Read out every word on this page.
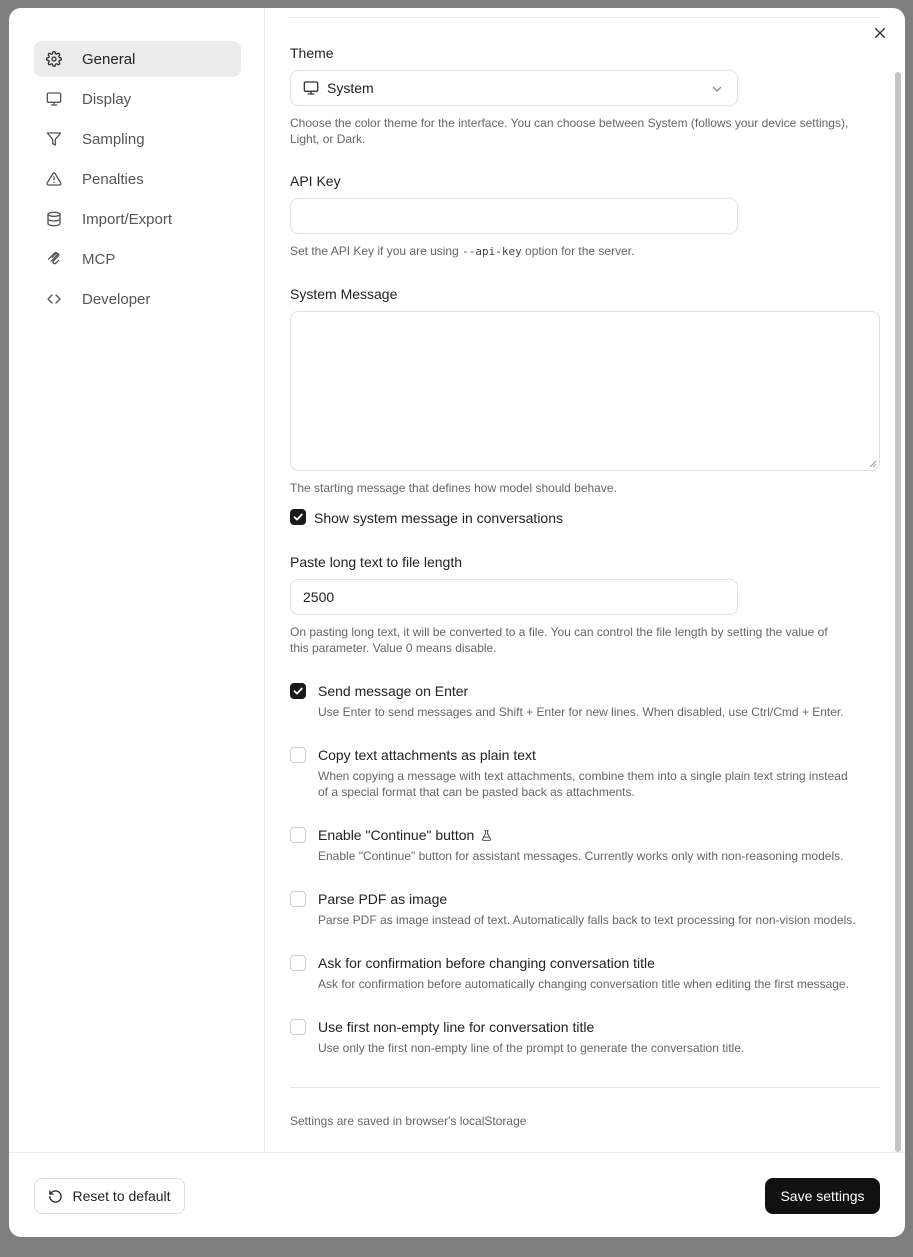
General
Display
Sampling
Penalties
Import/Export
MCP
Developer
Theme
System
Choose the color theme for the interface. You can choose between System (follows your device settings),
Light, or Dark.
API Key
Set the API Key if you are using --api-key option for the server.
System Message
The starting message that defines how model should behave.
Show system message in conversations
Paste long text to file length
2500
On pasting long text, it will be converted to a file. You can control the file length by setting the value of
this parameter. Value 0 means disable.
Send message on Enter
Use Enter to send messages and Shift + Enter for new lines. When disabled, use Ctrl/Cmd + Enter.
Copy text attachments as plain text
When copying a message with text attachments, combine them into a single plain text string instead
of a special format that can be pasted back as attachments.
Enable "Continue" button
Enable "Continue" button for assistant messages. Currently works only with non-reasoning models.
Parse PDF as image
Parse PDF as image instead of text. Automatically falls back to text processing for non-vision models.
Ask for confirmation before changing conversation title
Ask for confirmation before automatically changing conversation title when editing the first message.
Use first non-empty line for conversation title
Use only the first non-empty line of the prompt to generate the conversation title.
Settings are saved in browser's localStorage
Reset to default	Save settings
